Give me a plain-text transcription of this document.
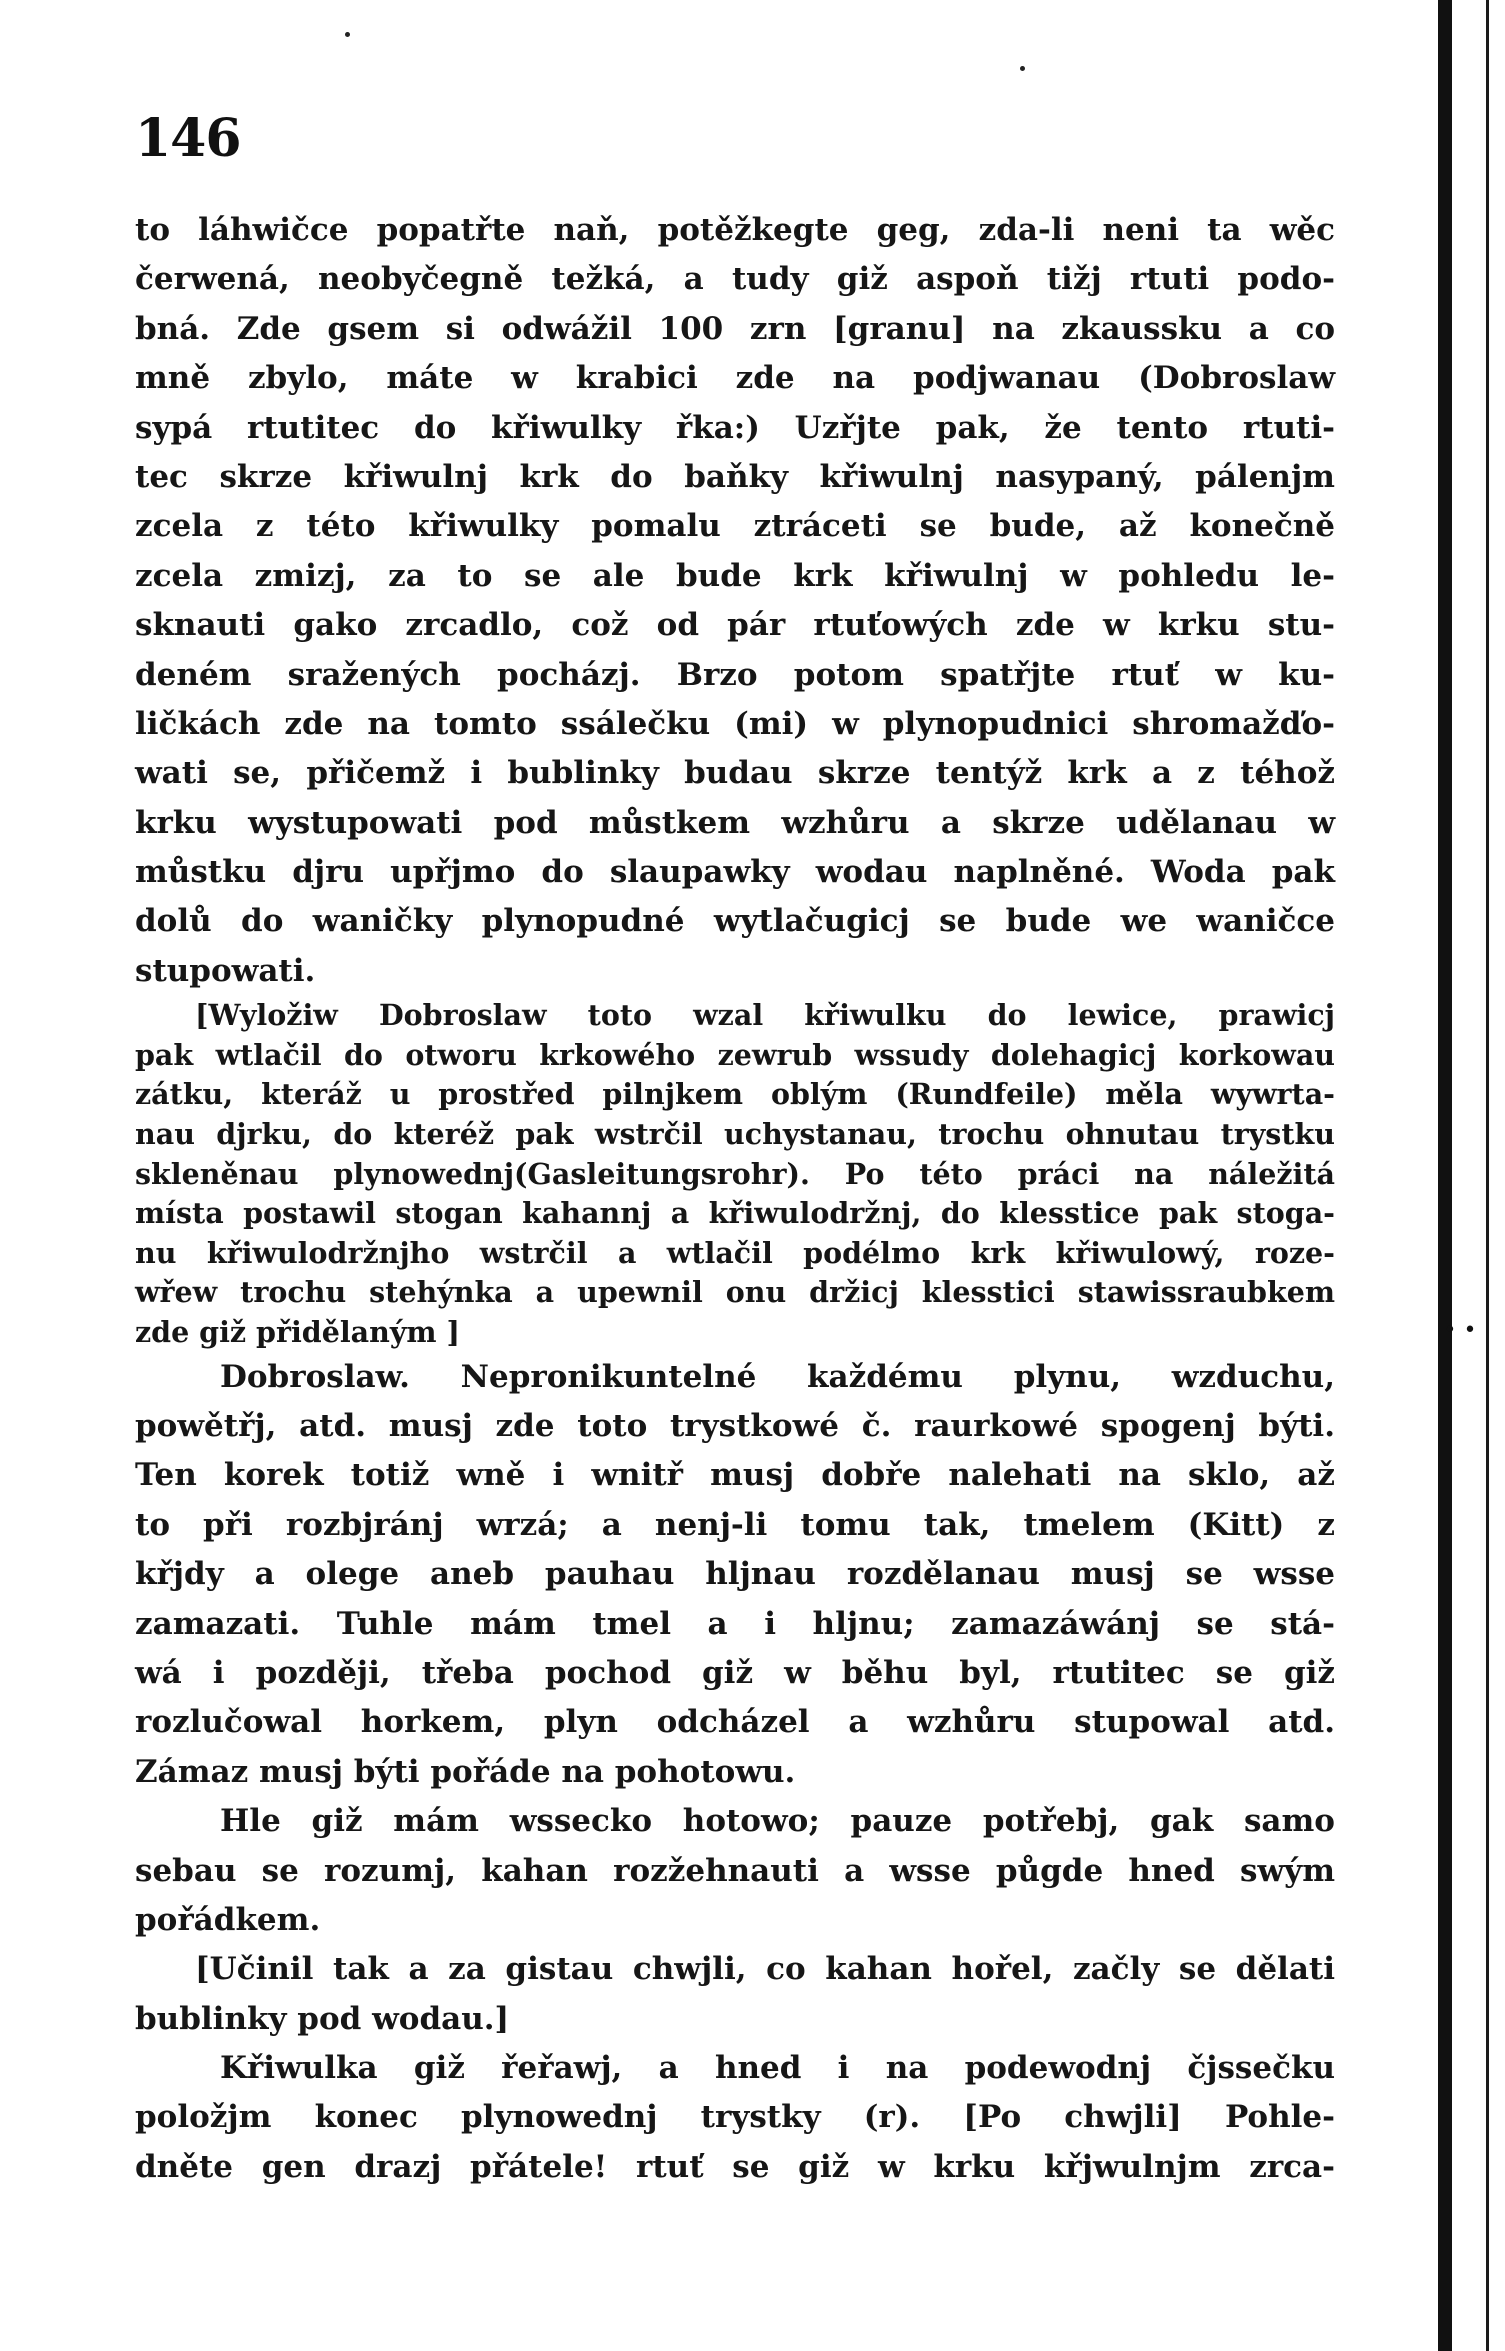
• •
146
to láhwičce popatřte naň, potěžkegte geg, zda-li neni ta wěc
čerwená, neobyčegně težká, a tudy giž aspoň tižj rtuti podo-
bná. Zde gsem si odwážil 100 zrn [granu] na zkaussku a co
mně zbylo, máte w krabici zde na podjwanau (Dobroslaw
sypá rtutitec do křiwulky řka:) Uzřjte pak, že tento rtuti-
tec skrze křiwulnj krk do baňky křiwulnj nasypaný, pálenjm
zcela z této křiwulky pomalu ztráceti se bude, až konečně
zcela zmizj, za to se ale bude krk křiwulnj w pohledu le-
sknauti gako zrcadlo, což od pár rtuťowých zde w krku stu-
deném sražených pocházj. Brzo potom spatřjte rtuť w ku-
ličkách zde na tomto ssálečku (mi) w plynopudnici shromažďo-
wati se, přičemž i bublinky budau skrze tentýž krk a z téhož
krku wystupowati pod můstkem wzhůru a skrze udělanau w
můstku djru upřjmo do slaupawky wodau naplněné. Woda pak
dolů do waničky plynopudné wytlačugicj se bude we waničce
stupowati.
[Wyložiw Dobroslaw toto wzal křiwulku do lewice, prawicj
pak wtlačil do otworu krkowého zewrub wssudy dolehagicj korkowau
zátku, kteráž u prostřed pilnjkem oblým (Rundfeile) měla wywrta-
nau djrku, do kteréž pak wstrčil uchystanau, trochu ohnutau trystku
skleněnau plynowednj(Gasleitungsrohr). Po této práci na náležitá
místa postawil stogan kahannj a křiwulodržnj, do klesstice pak stoga-
nu křiwulodržnjho wstrčil a wtlačil podélmo krk křiwulowý, roze-
wřew trochu stehýnka a upewnil onu držicj klesstici stawissraubkem
zde giž přidělaným ]
Dobroslaw. Nepronikuntelné každému plynu, wzduchu,
powětřj, atd. musj zde toto trystkowé č. raurkowé spogenj býti.
Ten korek totiž wně i wnitř musj dobře nalehati na sklo, až
to při rozbjránj wrzá; a nenj-li tomu tak, tmelem (Kitt) z
křjdy a olege aneb pauhau hljnau rozdělanau musj se wsse
zamazati. Tuhle mám tmel a i hljnu; zamazáwánj se stá-
wá i později, třeba pochod giž w běhu byl, rtutitec se giž
rozlučowal horkem, plyn odcházel a wzhůru stupowal atd.
Zámaz musj býti pořáde na pohotowu.
Hle giž mám wssecko hotowo; pauze potřebj, gak samo
sebau se rozumj, kahan rozžehnauti a wsse půgde hned swým
pořádkem.
[Učinil tak a za gistau chwjli, co kahan hořel, začly se dělati
bublinky pod wodau.]
Křiwulka giž řeřawj, a hned i na podewodnj čjssečku
položjm konec plynowednj trystky (r). [Po chwjli] Pohle-
dněte gen drazj přátele! rtuť se giž w krku křjwulnjm zrca-
